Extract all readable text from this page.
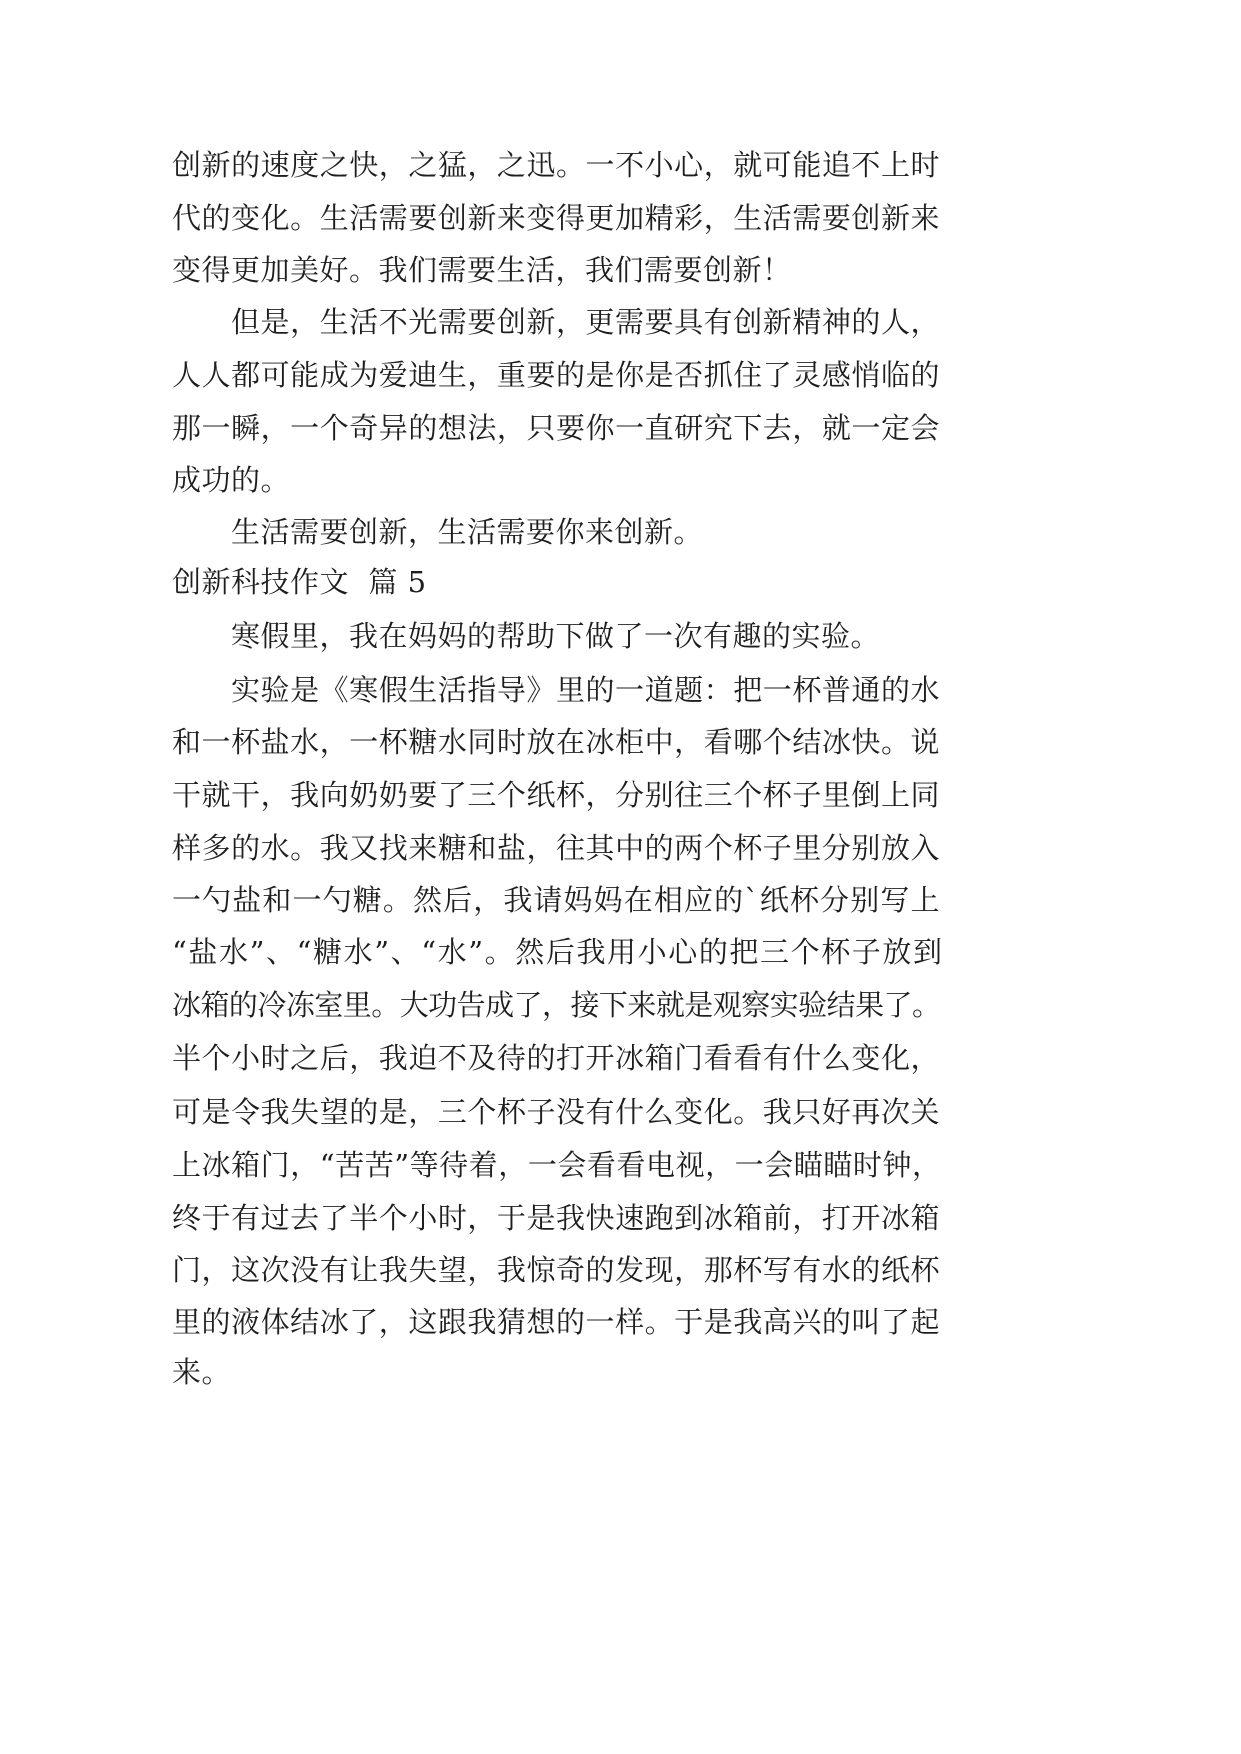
创新的速度之快，之猛，之迅。一不小心，就可能追不上时
代的变化。生活需要创新来变得更加精彩，生活需要创新来
变得更加美好。我们需要生活，我们需要创新！
但是，生活不光需要创新，更需要具有创新精神的人，
人人都可能成为爱迪生，重要的是你是否抓住了灵感悄临的
那一瞬，一个奇异的想法，只要你一直研究下去，就一定会
成功的。
生活需要创新，生活需要你来创新。
创新科技作文  篇 5
寒假里，我在妈妈的帮助下做了一次有趣的实验。
实验是《寒假生活指导》里的一道题：把一杯普通的水
和一杯盐水，一杯糖水同时放在冰柜中，看哪个结冰快。说
干就干，我向奶奶要了三个纸杯，分别往三个杯子里倒上同
样多的水。我又找来糖和盐，往其中的两个杯子里分别放入
一勺盐和一勺糖。然后，我请妈妈在相应的`纸杯分别写上
“盐水”、“糖水”、“水”。然后我用小心的把三个杯子放到
冰箱的冷冻室里。大功告成了，接下来就是观察实验结果了。
半个小时之后，我迫不及待的打开冰箱门看看有什么变化，
可是令我失望的是，三个杯子没有什么变化。我只好再次关
上冰箱门，“苦苦”等待着，一会看看电视，一会瞄瞄时钟，
终于有过去了半个小时，于是我快速跑到冰箱前，打开冰箱
门，这次没有让我失望，我惊奇的发现，那杯写有水的纸杯
里的液体结冰了，这跟我猜想的一样。于是我高兴的叫了起
来。
